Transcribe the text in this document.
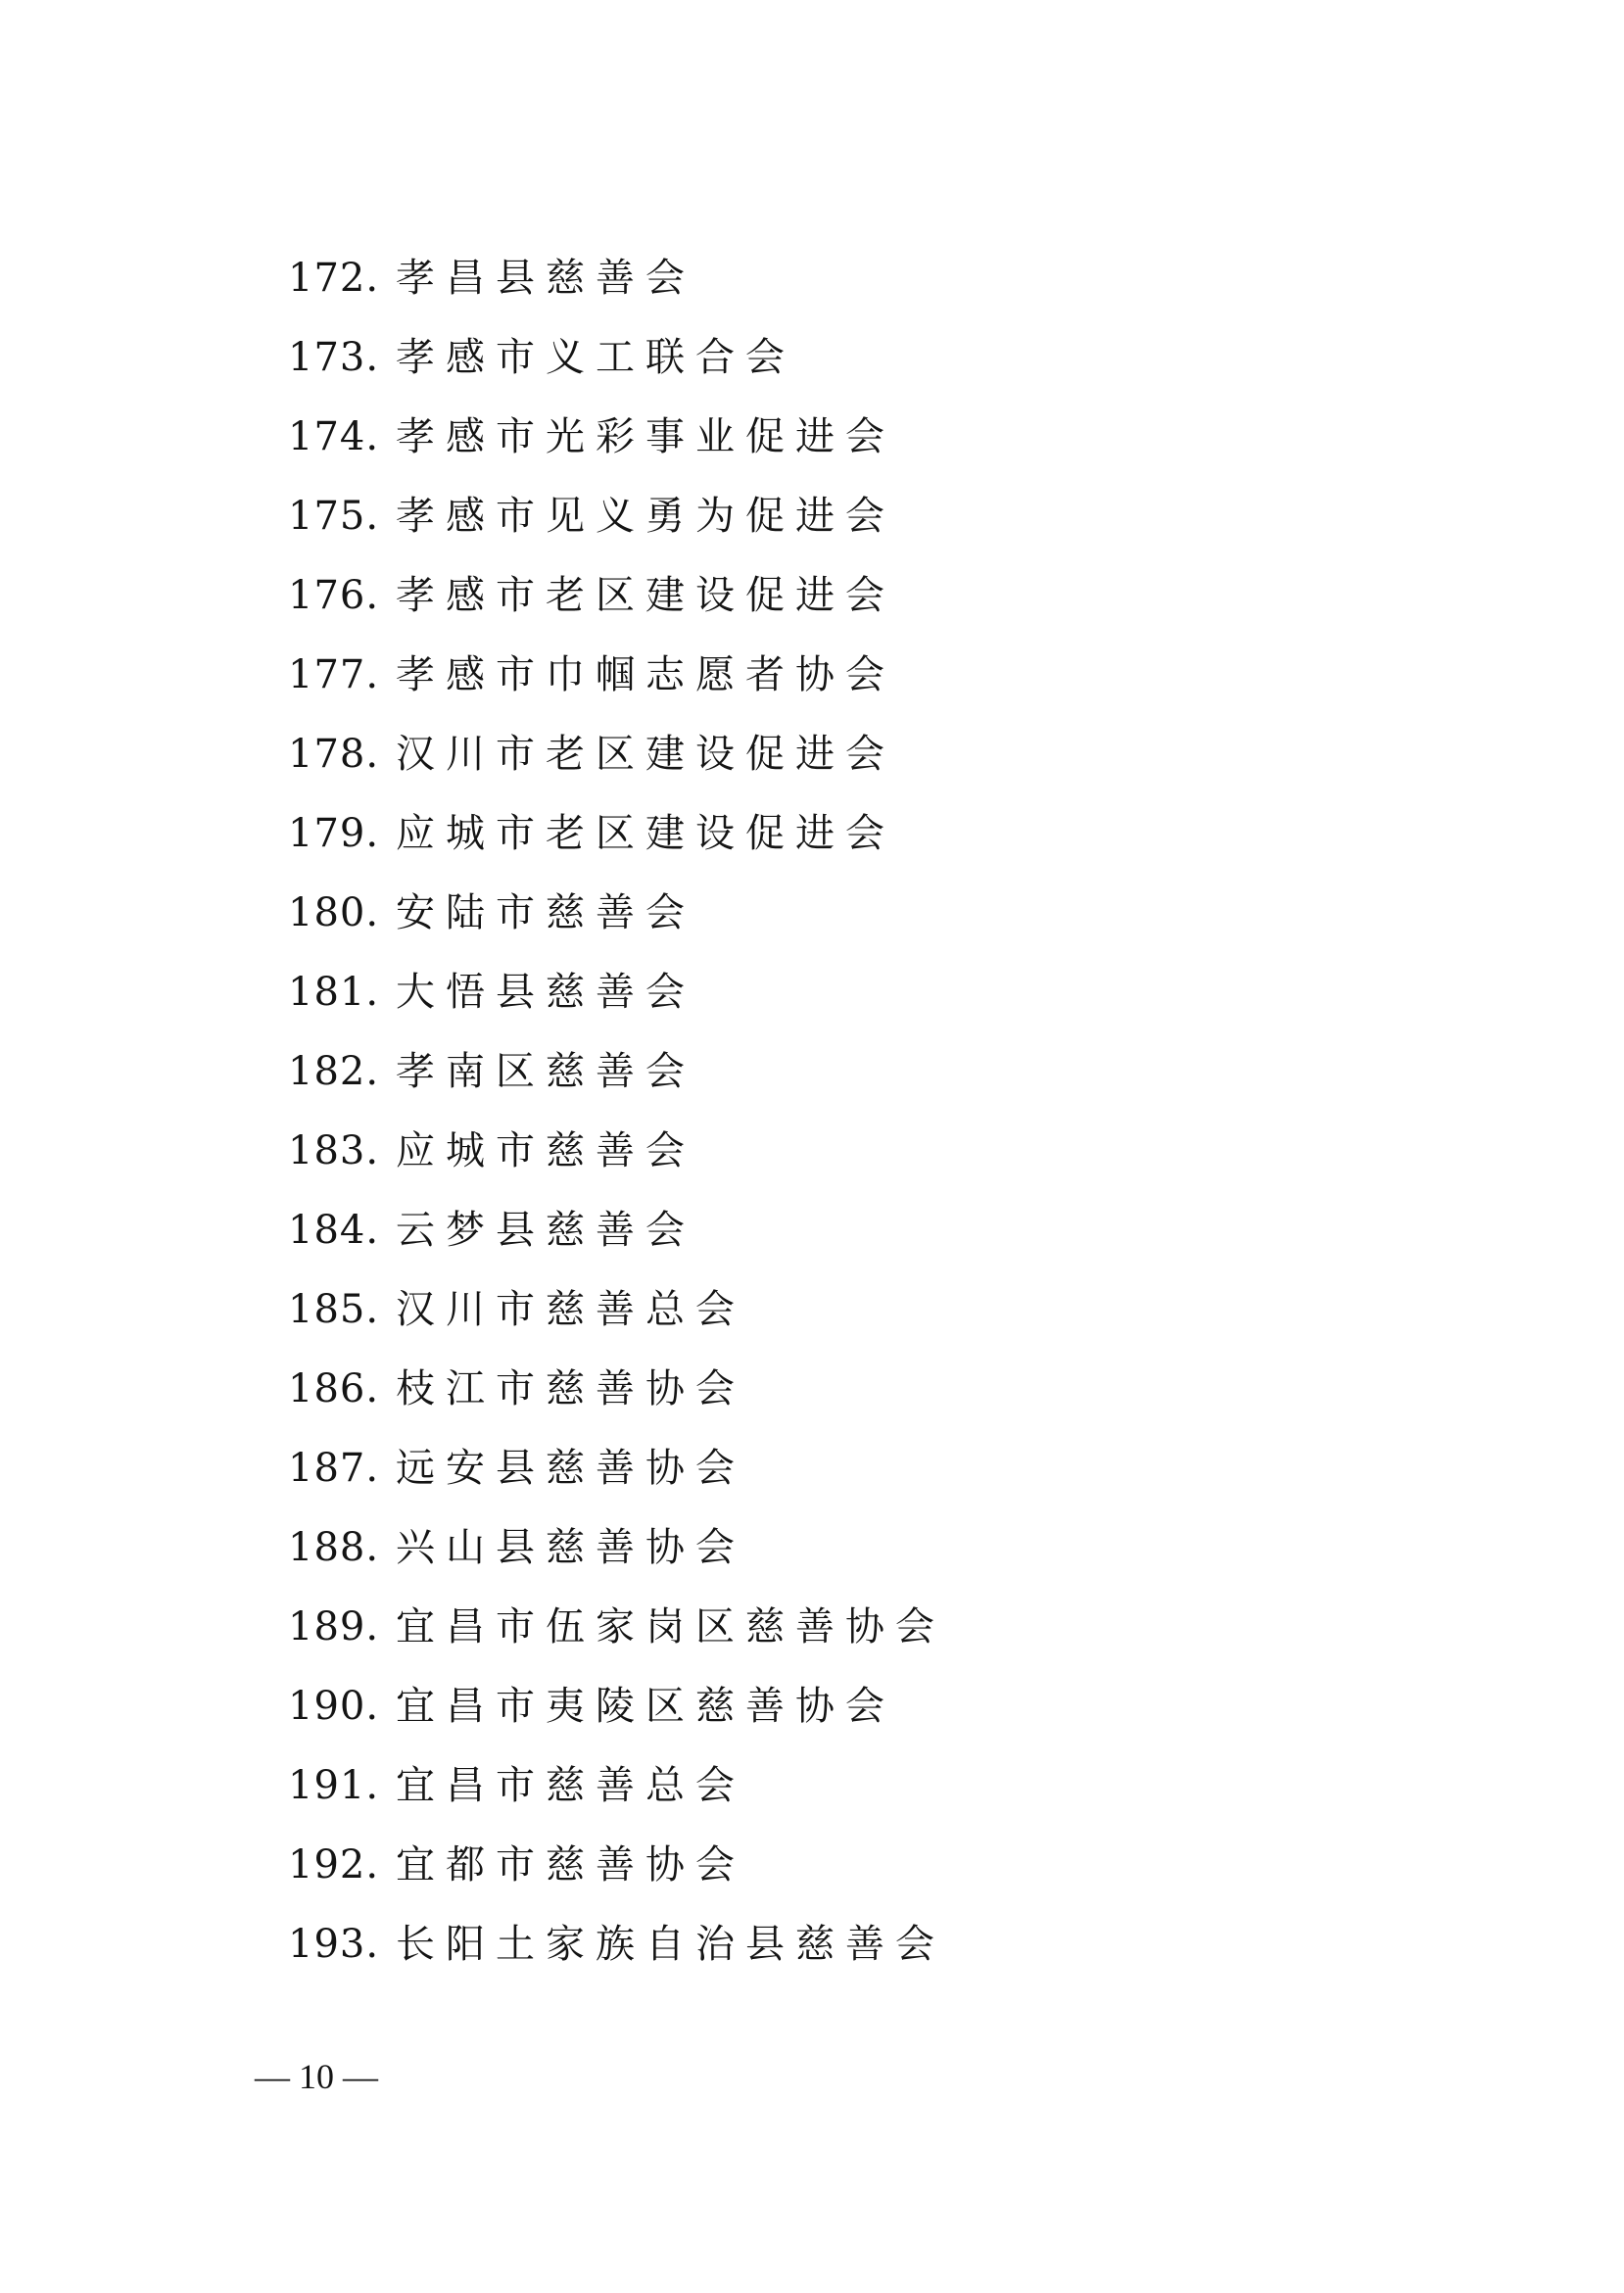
172. 孝昌县慈善会
173. 孝感市义工联合会
174. 孝感市光彩事业促进会
175. 孝感市见义勇为促进会
176. 孝感市老区建设促进会
177. 孝感市巾帼志愿者协会
178. 汉川市老区建设促进会
179. 应城市老区建设促进会
180. 安陆市慈善会
181. 大悟县慈善会
182. 孝南区慈善会
183. 应城市慈善会
184. 云梦县慈善会
185. 汉川市慈善总会
186. 枝江市慈善协会
187. 远安县慈善协会
188. 兴山县慈善协会
189. 宜昌市伍家岗区慈善协会
190. 宜昌市夷陵区慈善协会
191. 宜昌市慈善总会
192. 宜都市慈善协会
193. 长阳土家族自治县慈善会
— 10 —
